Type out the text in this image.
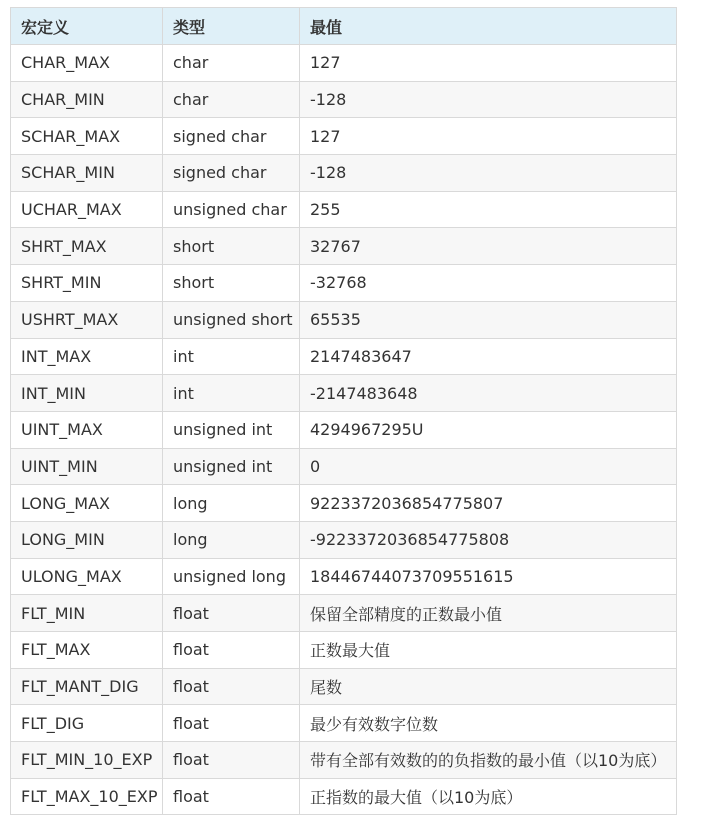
宏定义	类型	最值
CHAR_MAX	char	127
CHAR_MIN	char	-128
SCHAR_MAX	signed char	127
SCHAR_MIN	signed char	-128
UCHAR_MAX	unsigned char	255
SHRT_MAX	short	32767
SHRT_MIN	short	-32768
USHRT_MAX	unsigned short	65535
INT_MAX	int	2147483647
INT_MIN	int	-2147483648
UINT_MAX	unsigned int	4294967295U
UINT_MIN	unsigned int	0
LONG_MAX	long	9223372036854775807
LONG_MIN	long	-9223372036854775808
ULONG_MAX	unsigned long	18446744073709551615
FLT_MIN	float	保留全部精度的正数最小值
FLT_MAX	float	正数最大值
FLT_MANT_DIG	float	尾数
FLT_DIG	float	最少有效数字位数
FLT_MIN_10_EXP	float	带有全部有效数的的负指数的最小值（以10为底）
FLT_MAX_10_EXP	float	正指数的最大值（以10为底）
